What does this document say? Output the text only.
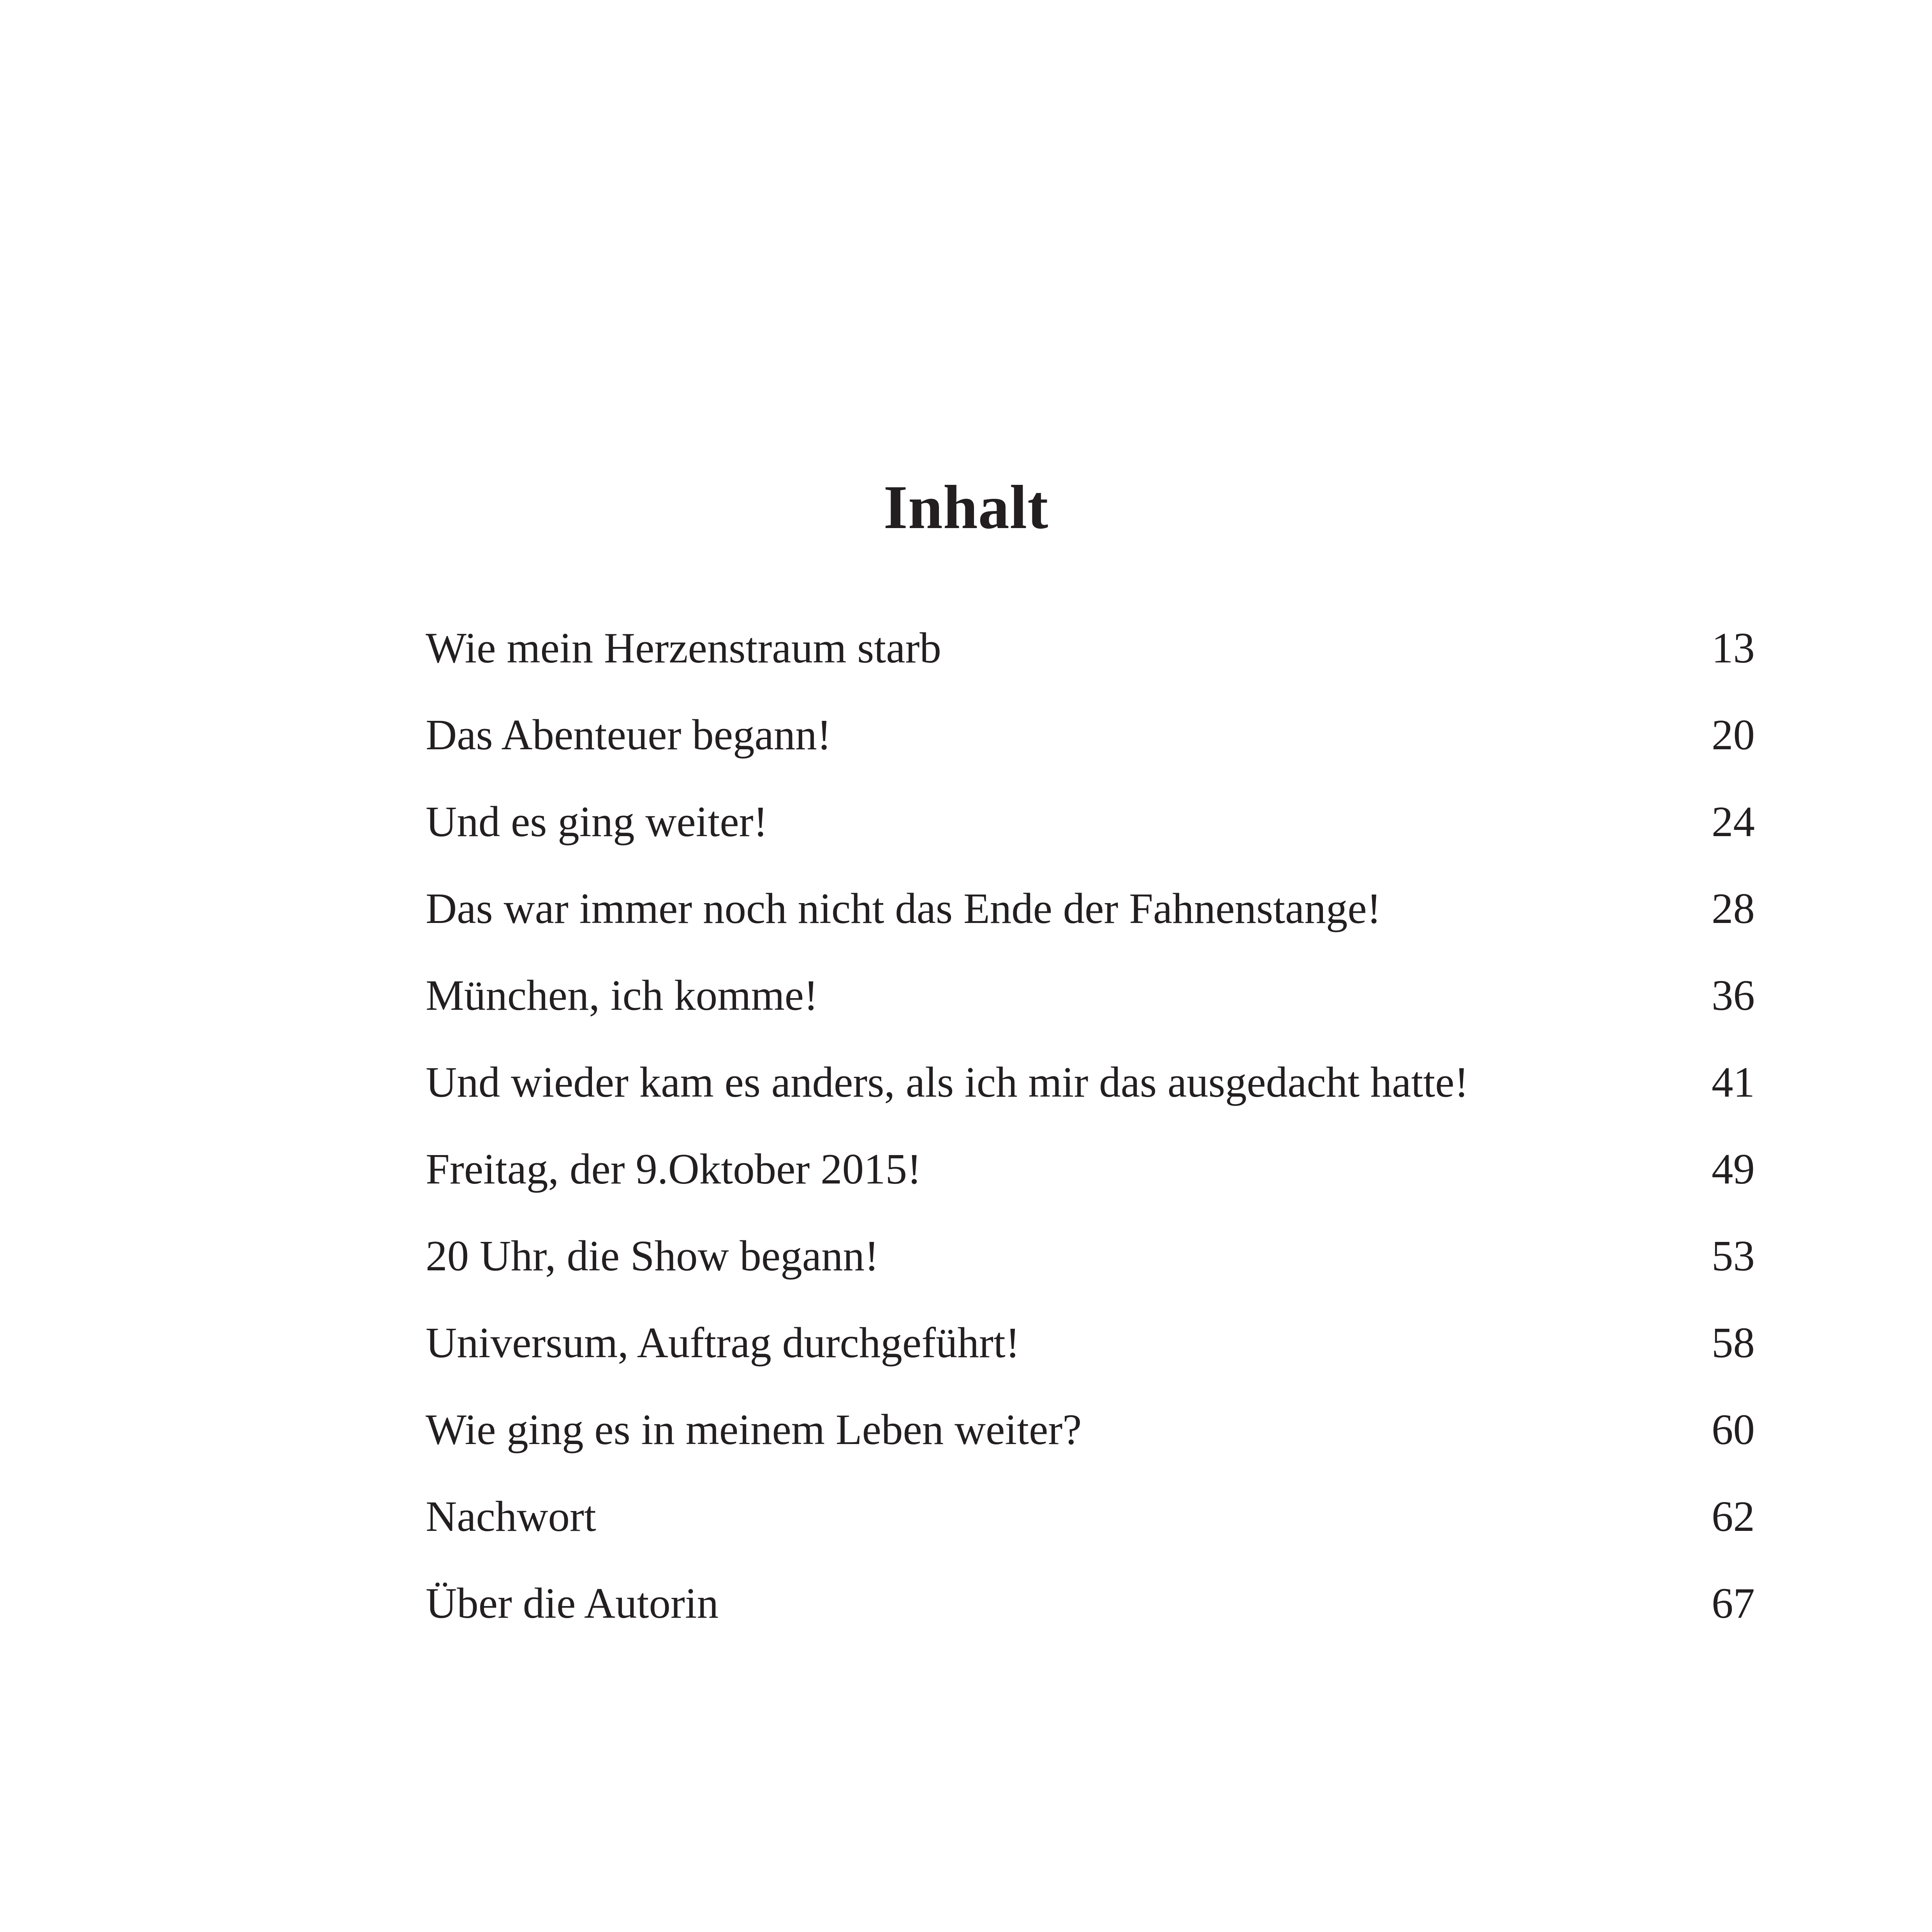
Inhalt
Wie mein Herzenstraum starb	13
Das Abenteuer begann!	20
Und es ging weiter!	24
Das war immer noch nicht das Ende der Fahnenstange!	28
München, ich komme!	36
Und wieder kam es anders, als ich mir das ausgedacht hatte!	41
Freitag, der 9.Oktober 2015!	49
20 Uhr, die Show begann!	53
Universum, Auftrag durchgeführt!	58
Wie ging es in meinem Leben weiter?	60
Nachwort	62
Über die Autorin	67
